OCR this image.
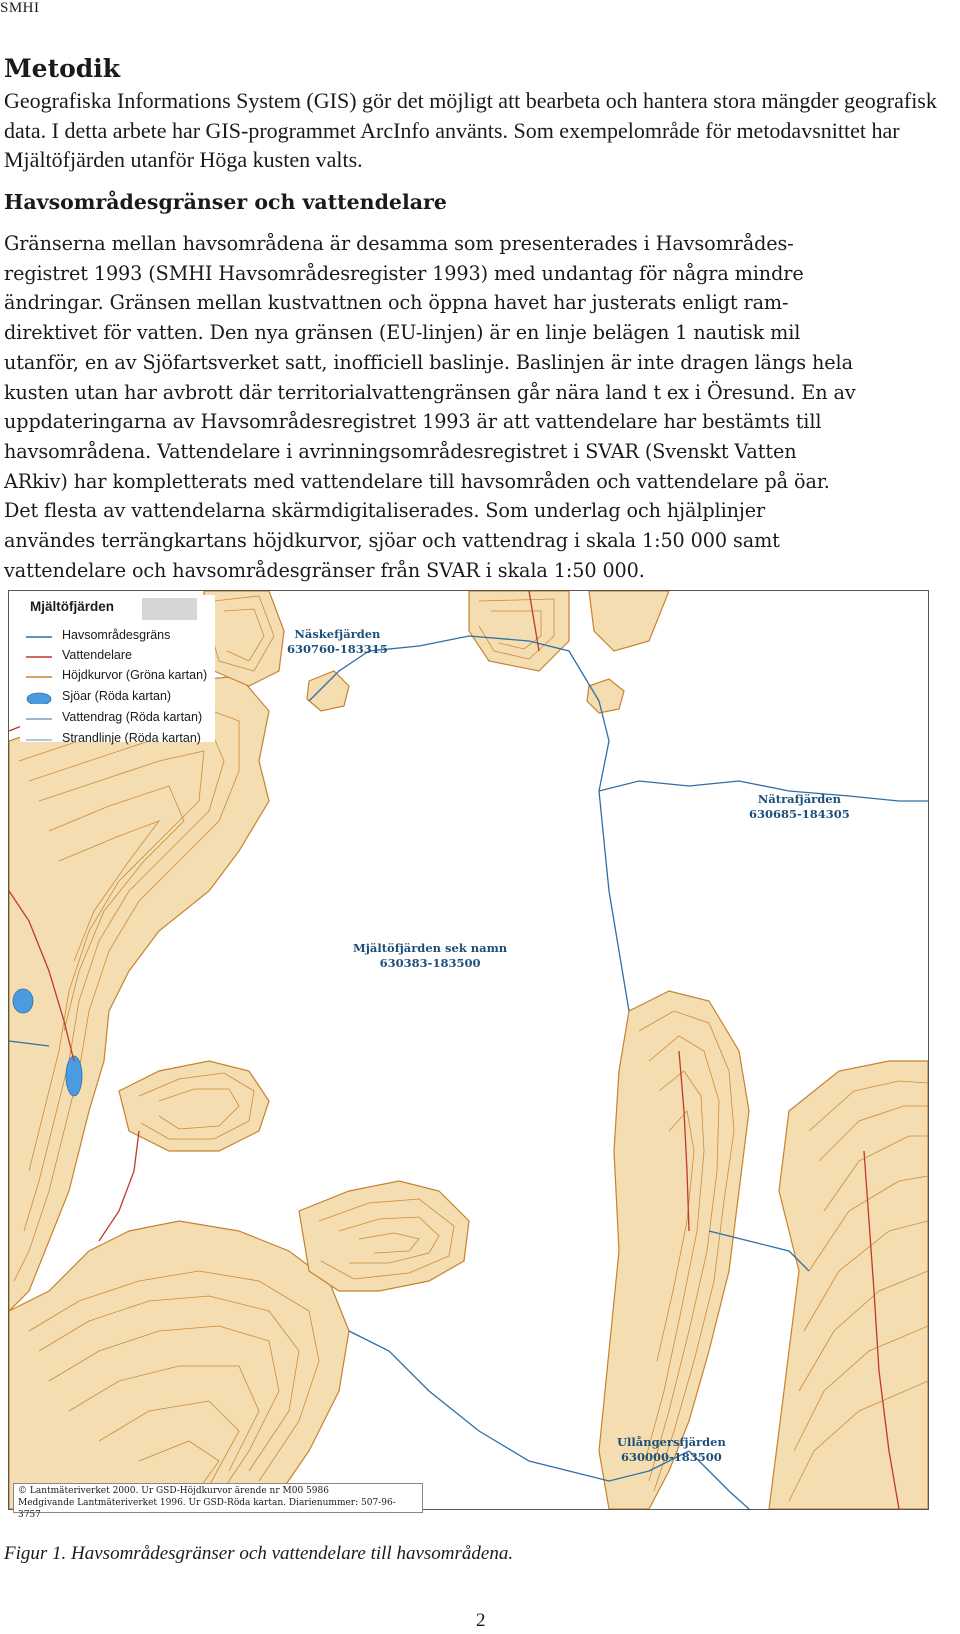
SMHI
Metodik

Geografiska Informations System (GIS) gör det möjligt att bearbeta och hantera stora mängder geografisk data. I detta arbete har GIS-programmet ArcInfo använts. Som exempelområde för metodavsnittet har Mjältöfjärden utanför Höga kusten valts.

Havsområdesgränser och vattendelare

Gränserna mellan havsområdena är desamma som presenterades i Havsområdes-
registret 1993 (SMHI Havsområdesregister 1993) med undantag för några mindre
ändringar. Gränsen mellan kustvattnen och öppna havet har justerats enligt ram-
direktivet för vatten. Den nya gränsen (EU-linjen) är en linje belägen 1 nautisk mil
utanför, en av Sjöfartsverket satt, inofficiell baslinje. Baslinjen är inte dragen längs hela
kusten utan har avbrott där territorialvattengränsen går nära land t ex i Öresund. En av
uppdateringarna av Havsområdesregistret 1993 är att vattendelare har bestämts till
havsområdena. Vattendelare i avrinningsområdesregistret i SVAR (Svenskt Vatten
ARkiv) har kompletterats med vattendelare till havsområden och vattendelare på öar.
Det flesta av vattendelarna skärmdigitaliserades. Som underlag och hjälplinjer
användes terrängkartans höjdkurvor, sjöar och vattendrag i skala 1:50 000 samt
vattendelare och havsområdesgränser från SVAR i skala 1:50 000.

Mjältöfjärden
Havsområdesgräns
Vattendelare
Höjdkurvor (Gröna kartan)
Sjöar (Röda kartan)
Vattendrag (Röda kartan)
Strandlinje (Röda kartan)
Näskefjärden
630760-183315
Nätrafjärden
630685-184305
Mjältöfjärden sek namn
630383-183500
Ullångersfjärden
630000-183500
© Lantmäteriverket 2000. Ur GSD-Höjdkurvor ärende nr M00 5986
Medgivande Lantmäteriverket 1996. Ur GSD-Röda kartan. Diarienummer: 507-96-3757

Figur 1. Havsområdesgränser och vattendelare till havsområdena.

2
